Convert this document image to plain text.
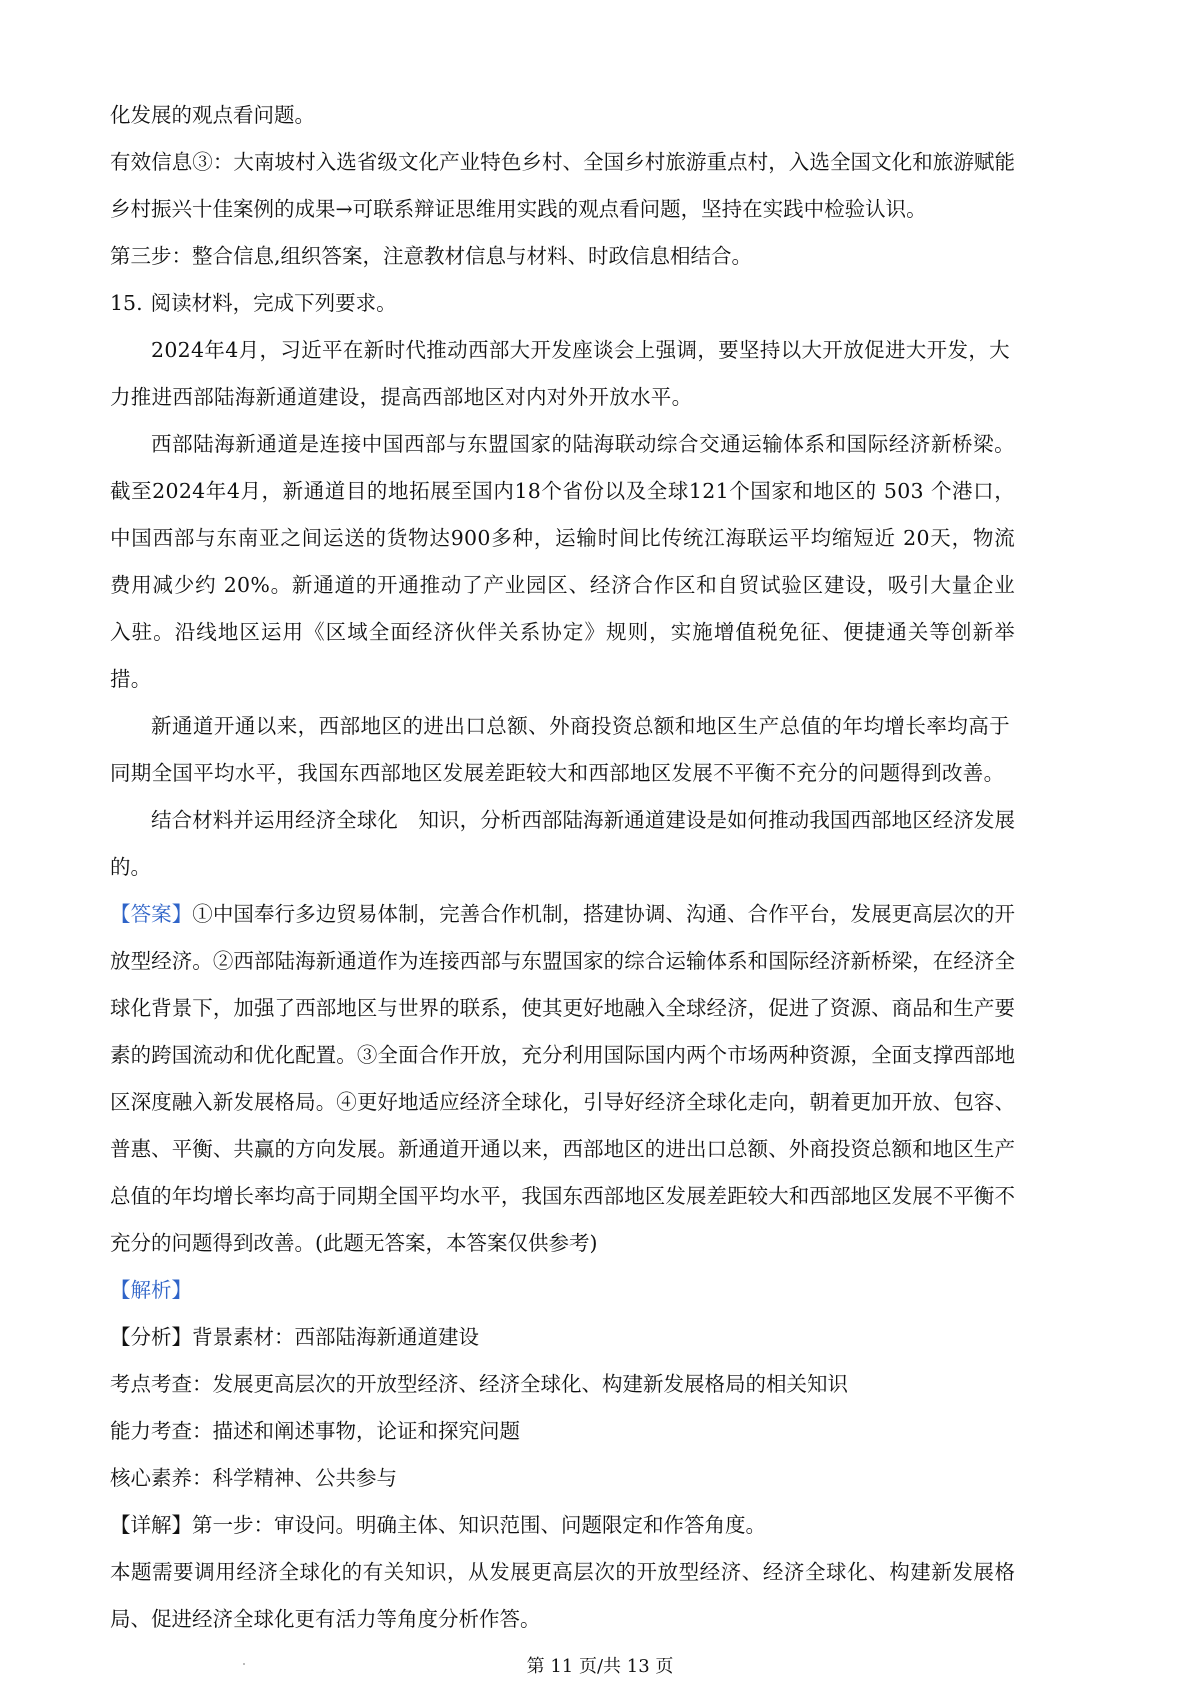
化发展的观点看问题。

有效信息③：大南坡村入选省级文化产业特色乡村、全国乡村旅游重点村，入选全国文化和旅游赋能乡村振兴十佳案例的成果→可联系辩证思维用实践的观点看问题，坚持在实践中检验认识。

第三步：整合信息,组织答案，注意教材信息与材料、时政信息相结合。

15. 阅读材料，完成下列要求。

2024年4月，习近平在新时代推动西部大开发座谈会上强调，要坚持以大开放促进大开发，大力推进西部陆海新通道建设，提高西部地区对内对外开放水平。

西部陆海新通道是连接中国西部与东盟国家的陆海联动综合交通运输体系和国际经济新桥梁。截至2024年4月，新通道目的地拓展至国内18个省份以及全球121个国家和地区的 503 个港口，中国西部与东南亚之间运送的货物达900多种，运输时间比传统江海联运平均缩短近 20天，物流费用减少约 20%。新通道的开通推动了产业园区、经济合作区和自贸试验区建设，吸引大量企业入驻。沿线地区运用《区域全面经济伙伴关系协定》规则，实施增值税免征、便捷通关等创新举措。

新通道开通以来，西部地区的进出口总额、外商投资总额和地区生产总值的年均增长率均高于同期全国平均水平，我国东西部地区发展差距较大和西部地区发展不平衡不充分的问题得到改善。

结合材料并运用经济全球化　知识，分析西部陆海新通道建设是如何推动我国西部地区经济发展的。

【答案】①中国奉行多边贸易体制，完善合作机制，搭建协调、沟通、合作平台，发展更高层次的开放型经济。②西部陆海新通道作为连接西部与东盟国家的综合运输体系和国际经济新桥梁，在经济全球化背景下，加强了西部地区与世界的联系，使其更好地融入全球经济，促进了资源、商品和生产要素的跨国流动和优化配置。③全面合作开放，充分利用国际国内两个市场两种资源，全面支撑西部地区深度融入新发展格局。④更好地适应经济全球化，引导好经济全球化走向，朝着更加开放、包容、普惠、平衡、共赢的方向发展。新通道开通以来，西部地区的进出口总额、外商投资总额和地区生产总值的年均增长率均高于同期全国平均水平，我国东西部地区发展差距较大和西部地区发展不平衡不充分的问题得到改善。(此题无答案，本答案仅供参考)

【解析】

【分析】背景素材：西部陆海新通道建设

考点考查：发展更高层次的开放型经济、经济全球化、构建新发展格局的相关知识

能力考查：描述和阐述事物，论证和探究问题

核心素养：科学精神、公共参与

【详解】第一步：审设问。明确主体、知识范围、问题限定和作答角度。

本题需要调用经济全球化的有关知识，从发展更高层次的开放型经济、经济全球化、构建新发展格局、促进经济全球化更有活力等角度分析作答。

第 11 页/共 13 页
